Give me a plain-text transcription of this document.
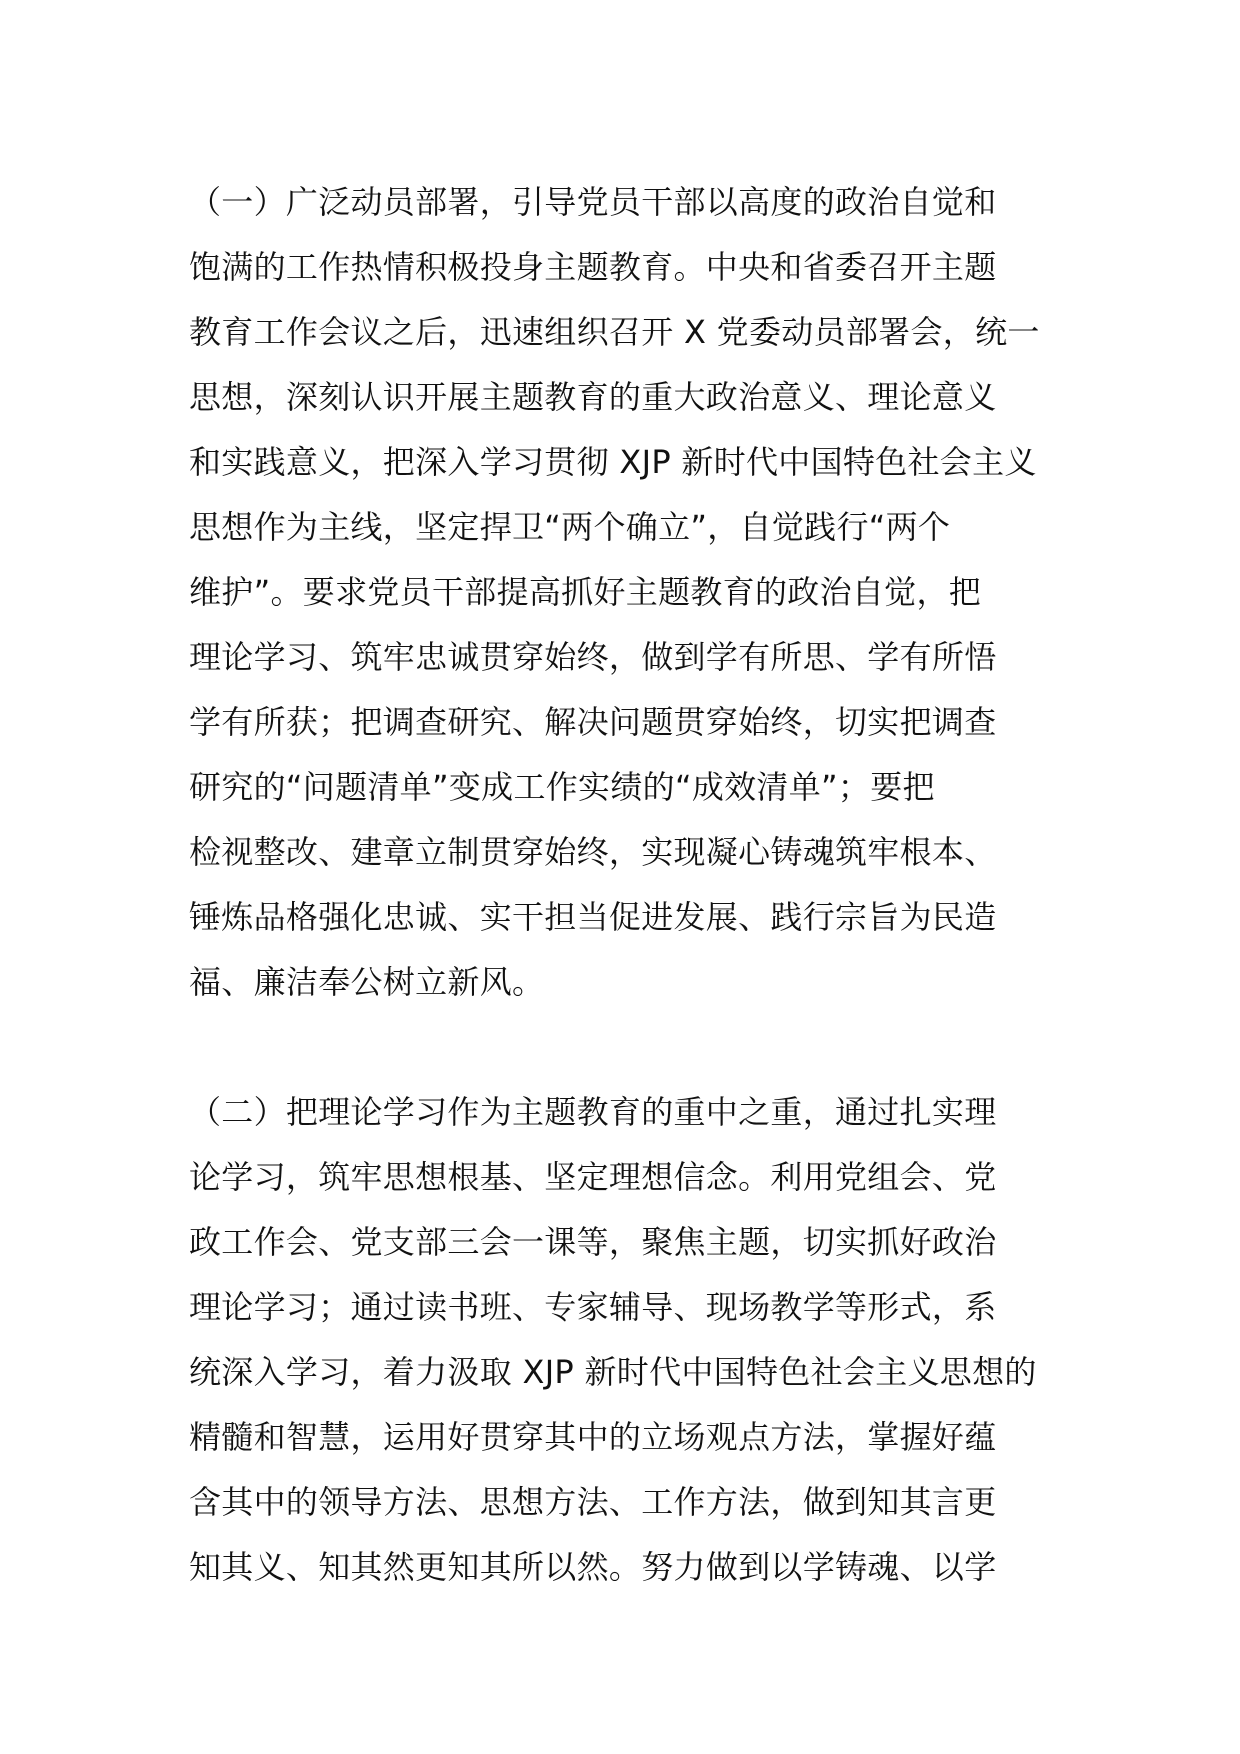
（一）广泛动员部署，引导党员干部以高度的政治自觉和
饱满的工作热情积极投身主题教育。中央和省委召开主题
教育工作会议之后，迅速组织召开 X 党委动员部署会，统一
思想，深刻认识开展主题教育的重大政治意义、理论意义
和实践意义，把深入学习贯彻 XJP 新时代中国特色社会主义
思想作为主线，坚定捍卫“两个确立”，自觉践行“两个
维护”。要求党员干部提高抓好主题教育的政治自觉，把
理论学习、筑牢忠诚贯穿始终，做到学有所思、学有所悟
学有所获；把调查研究、解决问题贯穿始终，切实把调查
研究的“问题清单”变成工作实绩的“成效清单”；要把
检视整改、建章立制贯穿始终，实现凝心铸魂筑牢根本、
锤炼品格强化忠诚、实干担当促进发展、践行宗旨为民造
福、廉洁奉公树立新风。
（二）把理论学习作为主题教育的重中之重，通过扎实理
论学习，筑牢思想根基、坚定理想信念。利用党组会、党
政工作会、党支部三会一课等，聚焦主题，切实抓好政治
理论学习；通过读书班、专家辅导、现场教学等形式，系
统深入学习，着力汲取 XJP 新时代中国特色社会主义思想的
精髓和智慧，运用好贯穿其中的立场观点方法，掌握好蕴
含其中的领导方法、思想方法、工作方法，做到知其言更
知其义、知其然更知其所以然。努力做到以学铸魂、以学
